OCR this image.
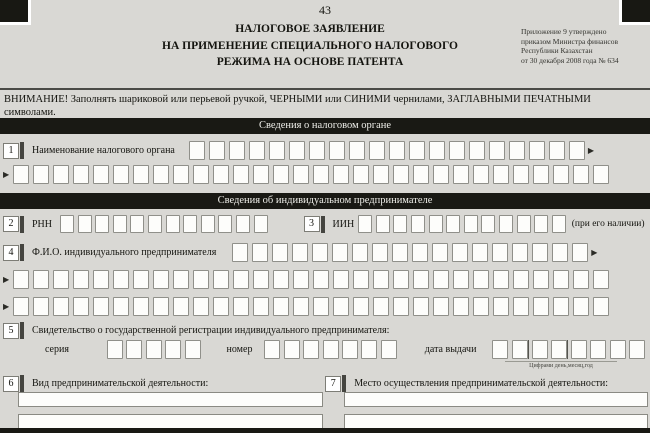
43
НАЛОГОВОЕ ЗАЯВЛЕНИЕ
НА ПРИМЕНЕНИЕ СПЕЦИАЛЬНОГО НАЛОГОВОГО
РЕЖИМА НА ОСНОВЕ ПАТЕНТА
Приложение 9 утверждено
приказом Министра финансов
Республики Казахстан
от 30 декабря 2008 года № 634
ВНИМАНИЕ! Заполнять шариковой или перьевой ручкой, ЧЕРНЫМИ или СИНИМИ чернилами, ЗАГЛАВНЫМИ ПЕЧАТНЫМИ символами.
Сведения о налоговом органе
1	Наименование налогового органа	▶
▶
Сведения об индивидуальном предпринимателе
2	РНН	3	ИИН	(при его наличии)
4	Ф.И.О. индивидуального предпринимателя	▶
▶
▶
5	Свидетельство о государственной регистрации индивидуального предпринимателя:
серия	номер	дата выдачи
Цифрами день,месяц,год
6	Вид предпринимательской деятельности:	7	Место осуществления предпринимательской деятельности:
